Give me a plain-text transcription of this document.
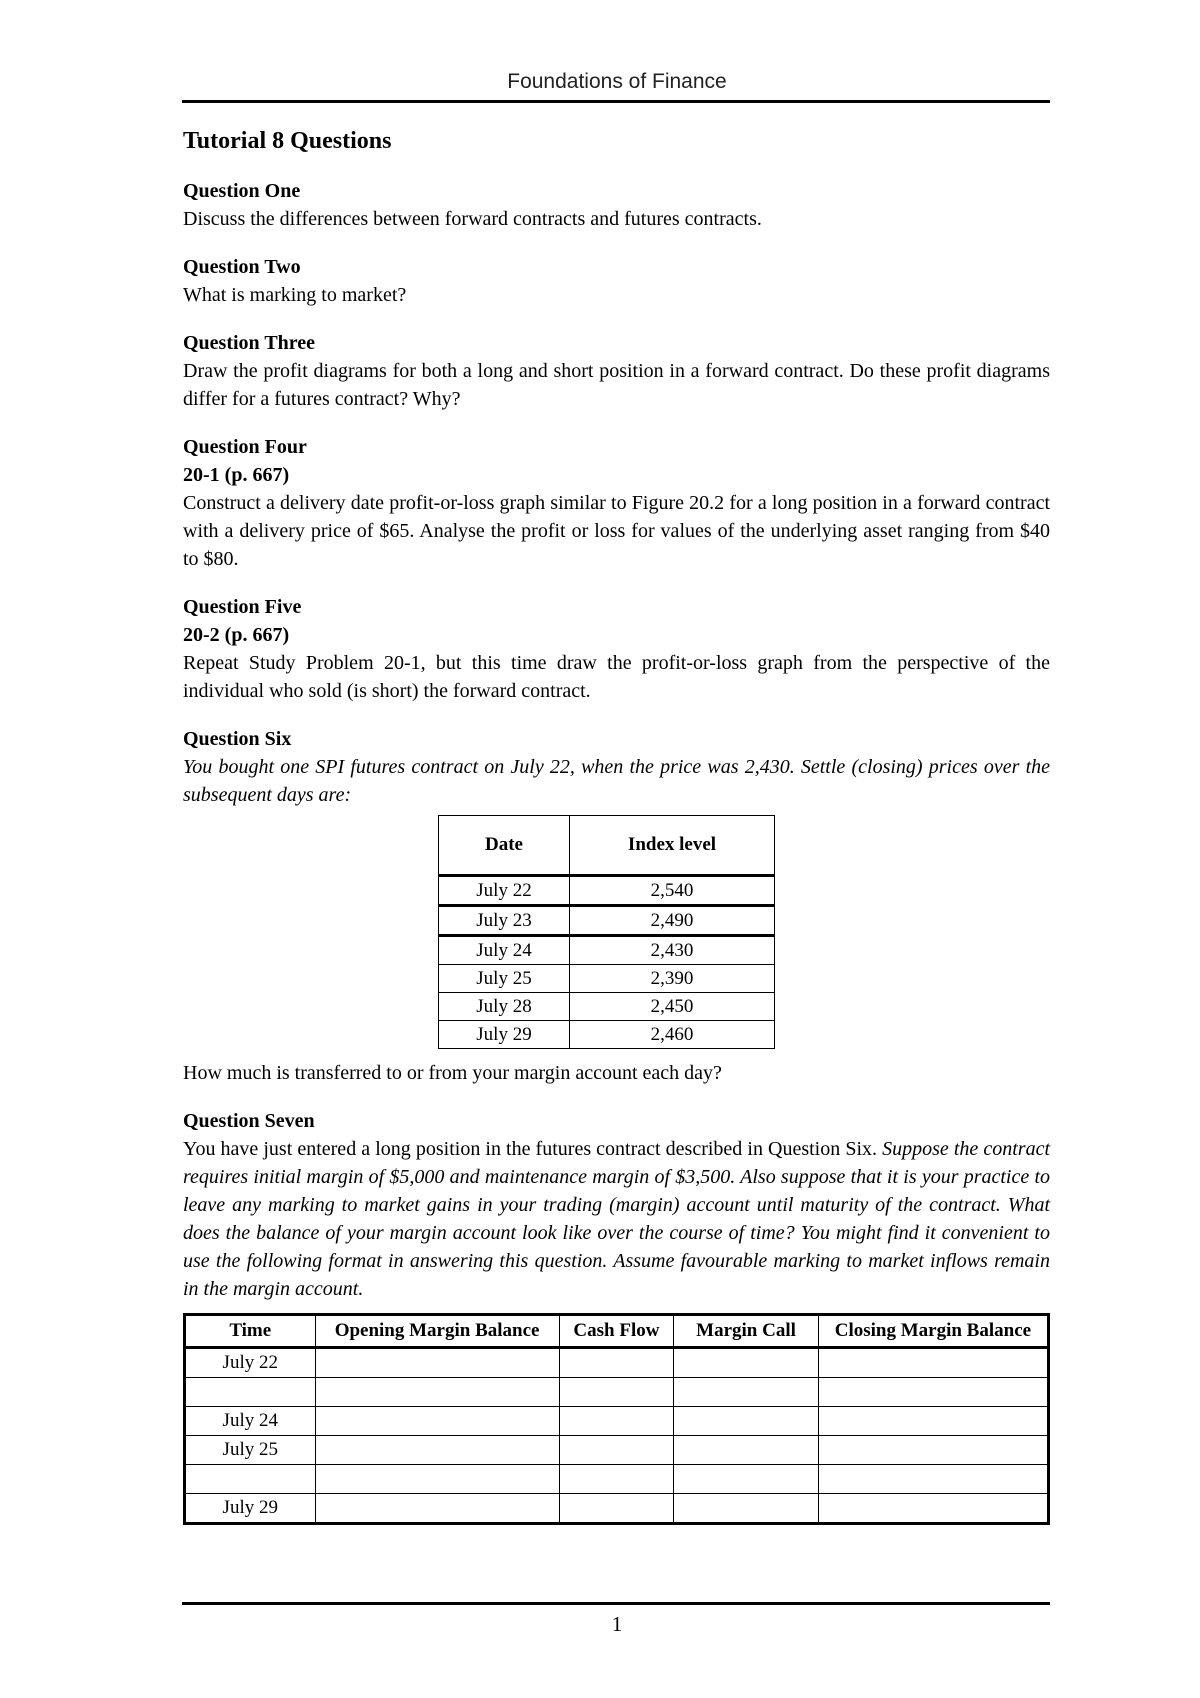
Foundations of Finance
Tutorial 8 Questions
Question One
Discuss the differences between forward contracts and futures contracts.
Question Two
What is marking to market?
Question Three
Draw the profit diagrams for both a long and short position in a forward contract. Do these profit diagrams differ for a futures contract? Why?
Question Four
20-1 (p. 667)
Construct a delivery date profit-or-loss graph similar to Figure 20.2 for a long position in a forward contract with a delivery price of $65. Analyse the profit or loss for values of the underlying asset ranging from $40 to $80.
Question Five
20-2 (p. 667)
Repeat Study Problem 20-1, but this time draw the profit-or-loss graph from the perspective of the individual who sold (is short) the forward contract.
Question Six
You bought one SPI futures contract on July 22, when the price was 2,430. Settle (closing) prices over the subsequent days are:
Date	Index level
July 22	2,540
July 23	2,490
July 24	2,430
July 25	2,390
July 28	2,450
July 29	2,460
How much is transferred to or from your margin account each day?
Question Seven
You have just entered a long position in the futures contract described in Question Six. Suppose the contract requires initial margin of $5,000 and maintenance margin of $3,500. Also suppose that it is your practice to leave any marking to market gains in your trading (margin) account until maturity of the contract. What does the balance of your margin account look like over the course of time? You might find it convenient to use the following format in answering this question. Assume favourable marking to market inflows remain in the margin account.
Time	Opening Margin Balance	Cash Flow	Margin Call	Closing Margin Balance
July 22				

July 24				
July 25				

July 29				
1
